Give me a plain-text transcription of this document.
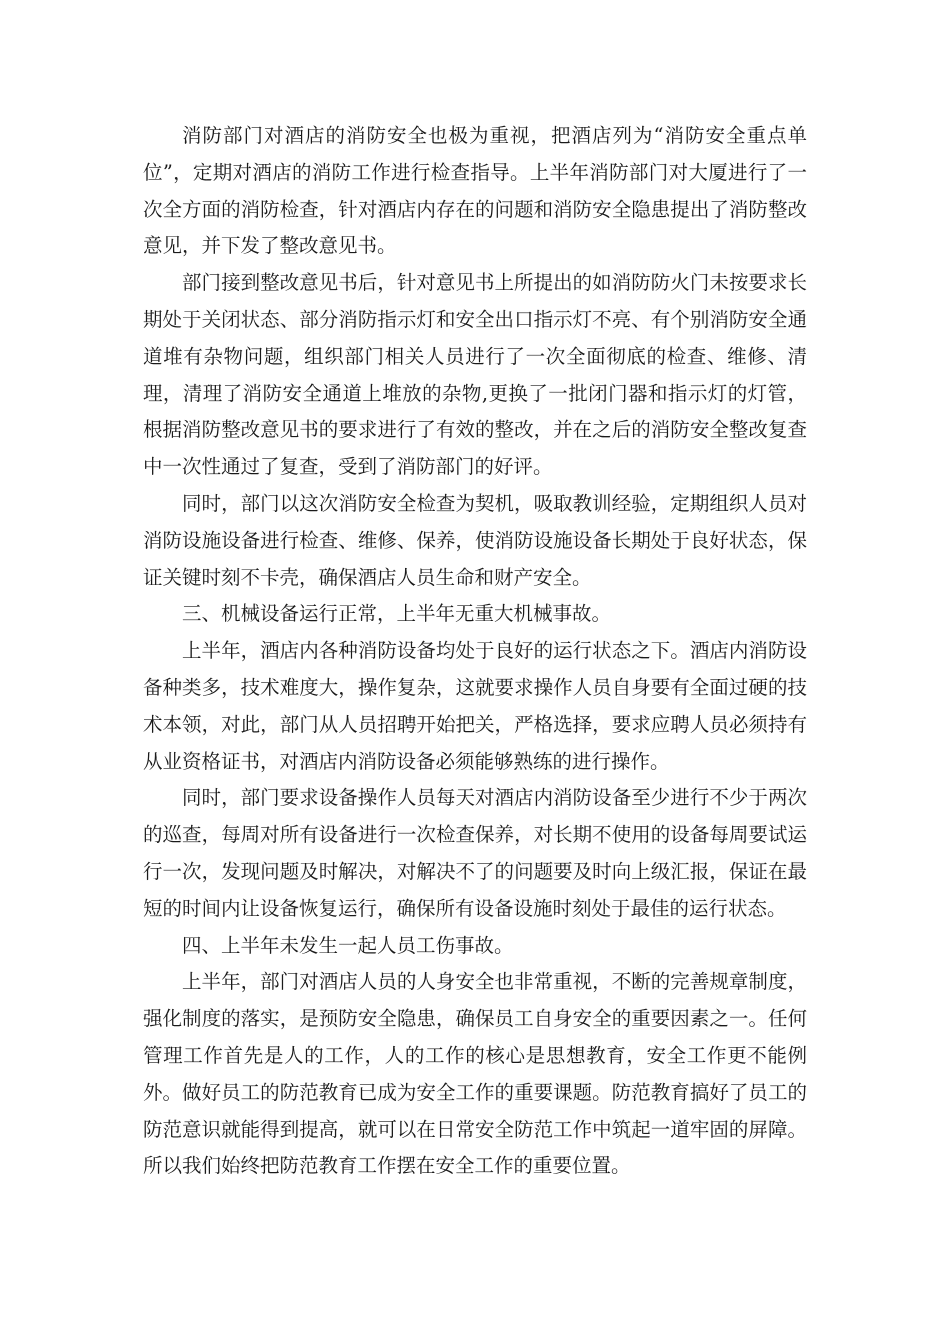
消防部门对酒店的消防安全也极为重视，把酒店列为“消防安全重点单位”，定期对酒店的消防工作进行检查指导。上半年消防部门对大厦进行了一次全方面的消防检查，针对酒店内存在的问题和消防安全隐患提出了消防整改意见，并下发了整改意见书。

部门接到整改意见书后，针对意见书上所提出的如消防防火门未按要求长期处于关闭状态、部分消防指示灯和安全出口指示灯不亮、有个别消防安全通道堆有杂物问题，组织部门相关人员进行了一次全面彻底的检查、维修、清理，清理了消防安全通道上堆放的杂物,更换了一批闭门器和指示灯的灯管，根据消防整改意见书的要求进行了有效的整改，并在之后的消防安全整改复查中一次性通过了复查，受到了消防部门的好评。

同时，部门以这次消防安全检查为契机，吸取教训经验，定期组织人员对消防设施设备进行检查、维修、保养，使消防设施设备长期处于良好状态，保证关键时刻不卡壳，确保酒店人员生命和财产安全。

三、机械设备运行正常，上半年无重大机械事故。

上半年，酒店内各种消防设备均处于良好的运行状态之下。酒店内消防设备种类多，技术难度大，操作复杂，这就要求操作人员自身要有全面过硬的技术本领，对此，部门从人员招聘开始把关，严格选择，要求应聘人员必须持有从业资格证书，对酒店内消防设备必须能够熟练的进行操作。

同时，部门要求设备操作人员每天对酒店内消防设备至少进行不少于两次的巡查，每周对所有设备进行一次检查保养，对长期不使用的设备每周要试运行一次，发现问题及时解决，对解决不了的问题要及时向上级汇报，保证在最短的时间内让设备恢复运行，确保所有设备设施时刻处于最佳的运行状态。

四、上半年未发生一起人员工伤事故。

上半年，部门对酒店人员的人身安全也非常重视，不断的完善规章制度，强化制度的落实，是预防安全隐患，确保员工自身安全的重要因素之一。任何管理工作首先是人的工作，人的工作的核心是思想教育，安全工作更不能例外。做好员工的防范教育已成为安全工作的重要课题。防范教育搞好了员工的防范意识就能得到提高，就可以在日常安全防范工作中筑起一道牢固的屏障。所以我们始终把防范教育工作摆在安全工作的重要位置。
